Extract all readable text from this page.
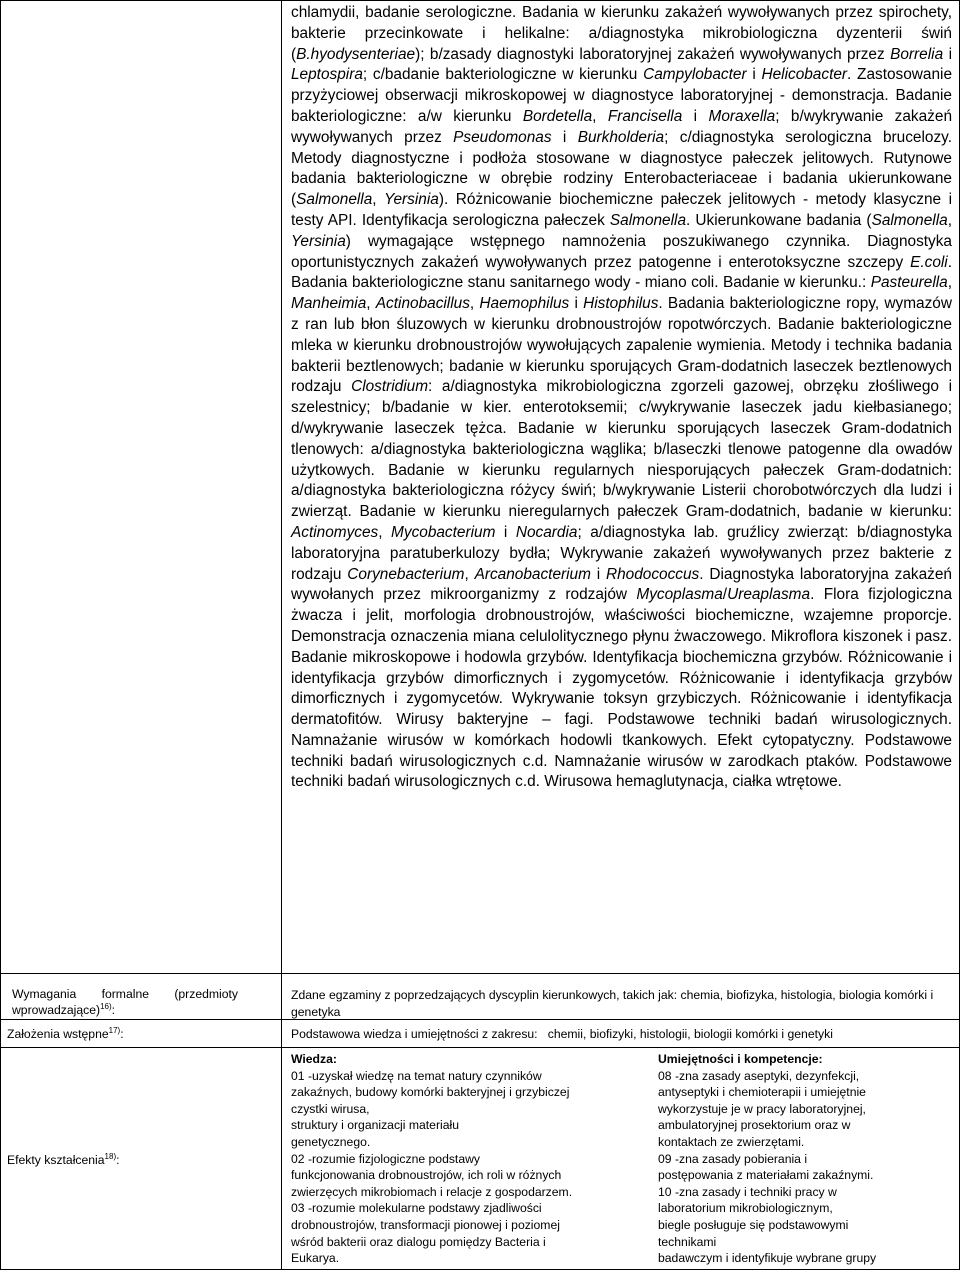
chlamydii, badanie serologiczne. Badania w kierunku zakażeń wywoływanych przez spirochety, bakterie przecinkowate i helikalne: a/diagnostyka mikrobiologiczna dyzenterii świń (B.hyodysenteriae); b/zasady diagnostyki laboratoryjnej zakażeń wywoływanych przez Borrelia i Leptospira; c/badanie bakteriologiczne w kierunku Campylobacter i Helicobacter. Zastosowanie przyżyciowej obserwacji mikroskopowej w diagnostyce laboratoryjnej - demonstracja. Badanie bakteriologiczne: a/w kierunku Bordetella, Francisella i Moraxella; b/wykrywanie zakażeń wywoływanych przez Pseudomonas i Burkholderia; c/diagnostyka serologiczna brucelozy. Metody diagnostyczne i podłoża stosowane w diagnostyce pałeczek jelitowych. Rutynowe badania bakteriologiczne w obrębie rodziny Enterobacteriaceae i badania ukierunkowane (Salmonella, Yersinia). Różnicowanie biochemiczne pałeczek jelitowych - metody klasyczne i testy API. Identyfikacja serologiczna pałeczek Salmonella. Ukierunkowane badania (Salmonella, Yersinia) wymagające wstępnego namnożenia poszukiwanego czynnika. Diagnostyka oportunistycznych zakażeń wywoływanych przez patogenne i enterotoksyczne szczepy E.coli. Badania bakteriologiczne stanu sanitarnego wody - miano coli. Badanie w kierunku.: Pasteurella, Manheimia, Actinobacillus, Haemophilus i Histophilus. Badania bakteriologiczne ropy, wymazów z ran lub błon śluzowych w kierunku drobnoustrojów ropotwórczych. Badanie bakteriologiczne mleka w kierunku drobnoustrojów wywołujących zapalenie wymienia. Metody i technika badania bakterii beztlenowych; badanie w kierunku sporujących Gram-dodatnich laseczek beztlenowych rodzaju Clostridium: a/diagnostyka mikrobiologiczna zgorzeli gazowej, obrzęku złośliwego i szelestnicy; b/badanie w kier. enterotoksemii; c/wykrywanie laseczek jadu kiełbasianego; d/wykrywanie laseczek tężca. Badanie w kierunku sporujących laseczek Gram-dodatnich tlenowych: a/diagnostyka bakteriologiczna wąglika; b/laseczki tlenowe patogenne dla owadów użytkowych. Badanie w kierunku regularnych niesporujących pałeczek Gram-dodatnich: a/diagnostyka bakteriologiczna różycy świń; b/wykrywanie Listerii chorobotwórczych dla ludzi i zwierząt. Badanie w kierunku nieregularnych pałeczek Gram-dodatnich, badanie w kierunku: Actinomyces, Mycobacterium i Nocardia; a/diagnostyka lab. gruźlicy zwierząt: b/diagnostyka laboratoryjna paratuberkulozy bydła; Wykrywanie zakażeń wywoływanych przez bakterie z rodzaju Corynebacterium, Arcanobacterium i Rhodococcus. Diagnostyka laboratoryjna zakażeń wywołanych przez mikroorganizmy z rodzajów Mycoplasma/Ureaplasma. Flora fizjologiczna żwacza i jelit, morfologia drobnoustrojów, właściwości biochemiczne, wzajemne proporcje. Demonstracja oznaczenia miana celulolitycznego płynu żwaczowego. Mikroflora kiszonek i pasz. Badanie mikroskopowe i hodowla grzybów. Identyfikacja biochemiczna grzybów. Różnicowanie i identyfikacja grzybów dimorficznych i zygomycetów. Różnicowanie i identyfikacja grzybów dimorficznych i zygomycetów. Wykrywanie toksyn grzybiczych. Różnicowanie i identyfikacja dermatofitów. Wirusy bakteryjne – fagi. Podstawowe techniki badań wirusologicznych. Namnażanie wirusów w komórkach hodowli tkankowych. Efekt cytopatyczny. Podstawowe techniki badań wirusologicznych c.d. Namnażanie wirusów w zarodkach ptaków. Podstawowe techniki badań wirusologicznych c.d. Wirusowa hemaglutynacja, ciałka wtrętowe.

Wymagania formalne (przedmioty wprowadzające)$^{16)}$:
Zdane egzaminy z poprzedzających dyscyplin kierunkowych, takich jak: chemia, biofizyka, histologia, biologia komórki i genetyka
Założenia wstępne$^{17)}$:	Podstawowa wiedza i umiejętności z zakresu:   chemii, biofizyki, histologii, biologii komórki i genetyki
Efekty kształcenia$^{18)}$:
Wiedza:
01 -uzyskał wiedzę na temat natury czynników
zakaźnych, budowy komórki bakteryjnej i grzybiczej
czystki wirusa,
struktury i organizacji materiału
genetycznego.
02 -rozumie fizjologiczne podstawy
funkcjonowania drobnoustrojów, ich roli w różnych
zwierzęcych mikrobiomach i relacje z gospodarzem.
03 -rozumie molekularne podstawy zjadliwości
drobnoustrojów, transformacji pionowej i poziomej
wśród bakterii oraz dialogu pomiędzy Bacteria i
Eukarya.
Umiejętności i kompetencje:
08 -zna zasady aseptyki, dezynfekcji,
antyseptyki i chemioterapii i umiejętnie
wykorzystuje je w pracy laboratoryjnej,
ambulatoryjnej prosektorium oraz w
kontaktach ze zwierzętami.
09 -zna zasady pobierania i
postępowania z materiałami zakaźnymi.
10 -zna zasady i techniki pracy w
laboratorium mikrobiologicznym,
biegle posługuje się podstawowymi
technikami
badawczym i identyfikuje wybrane grupy
